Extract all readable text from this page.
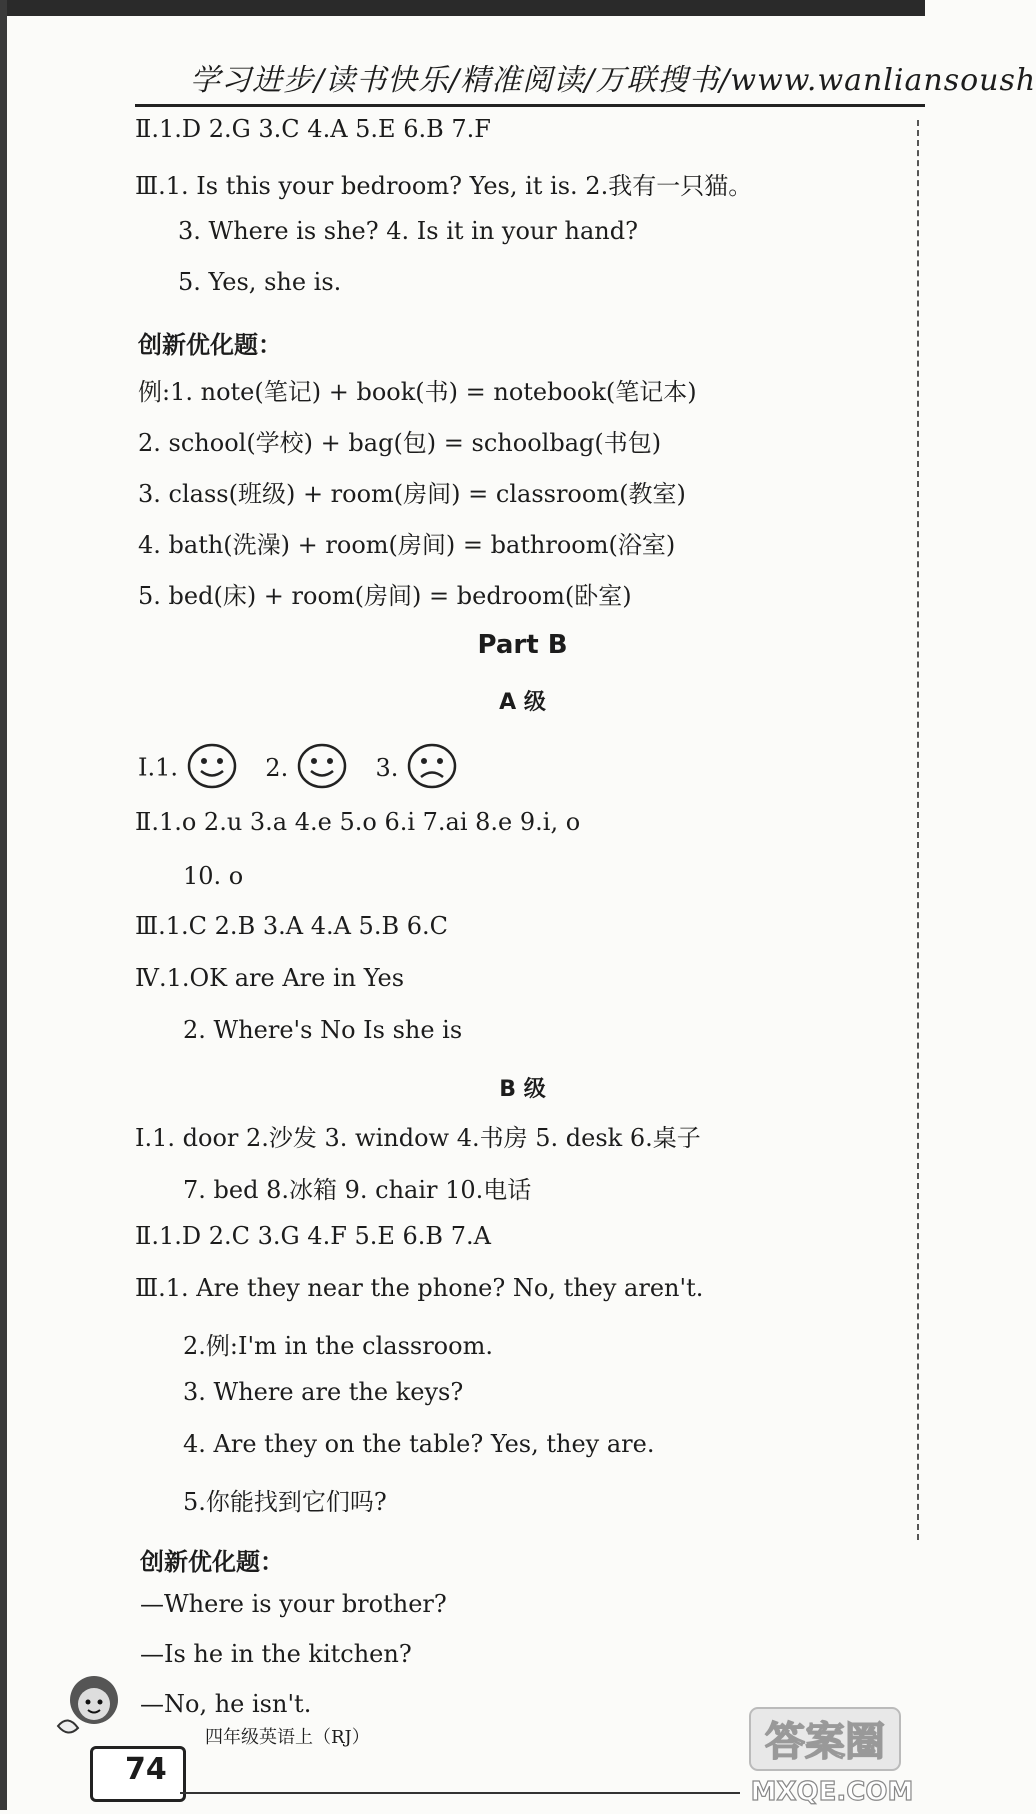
学习进步/读书快乐/精准阅读/万联搜书/www.wanliansoush
Ⅱ.1.D 2.G 3.C 4.A 5.E 6.B 7.F
Ⅲ.1. Is this your bedroom? Yes, it is. 2.我有一只猫。
3. Where is she? 4. Is it in your hand?
5. Yes, she is.
创新优化题：
例:1. note(笔记) + book(书) = notebook(笔记本)
2. school(学校) + bag(包) = schoolbag(书包)
3. class(班级) + room(房间) = classroom(教室)
4. bath(洗澡) + room(房间) = bathroom(浴室)
5. bed(床) + room(房间) = bedroom(卧室)
Part B
A 级
Ⅰ.1.	2.	3.
Ⅱ.1.o 2.u 3.a 4.e 5.o 6.i 7.ai 8.e 9.i, o
10. o
Ⅲ.1.C 2.B 3.A 4.A 5.B 6.C
Ⅳ.1.OK are Are in Yes
2. Where's No Is she is
B 级
Ⅰ.1. door 2.沙发 3. window 4.书房 5. desk 6.桌子
7. bed 8.冰箱 9. chair 10.电话
Ⅱ.1.D 2.C 3.G 4.F 5.E 6.B 7.A
Ⅲ.1. Are they near the phone? No, they aren't.
2.例:I'm in the classroom.
3. Where are the keys?
4. Are they on the table? Yes, they are.
5.你能找到它们吗?
创新优化题：
—Where is your brother?
—Is he in the kitchen?
—No, he isn't.
74
四年级英语上（RJ）	答案圈
MXQE.COM
